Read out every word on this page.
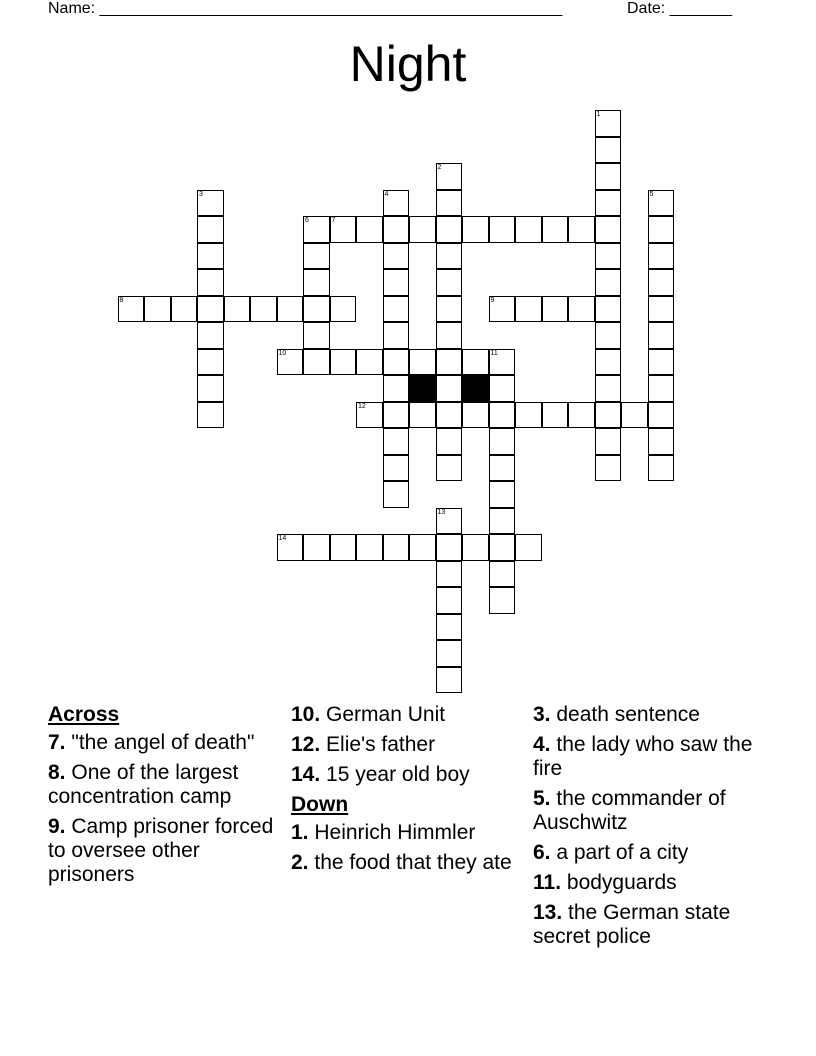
Name: ____________________________________________________	Date: _______
Night
7
8	9
10	11
12
14
1
2
3	4	5
6
13
Across
7. "the angel of death"
8. One of the largest concentration camp
9. Camp prisoner forced to oversee other prisoners
10. German Unit
12. Elie's father
14. 15 year old boy
Down
1. Heinrich Himmler
2. the food that they ate
3. death sentence
4. the lady who saw the fire
5. the commander of Auschwitz
6. a part of a city
11. bodyguards
13. the German state secret police
